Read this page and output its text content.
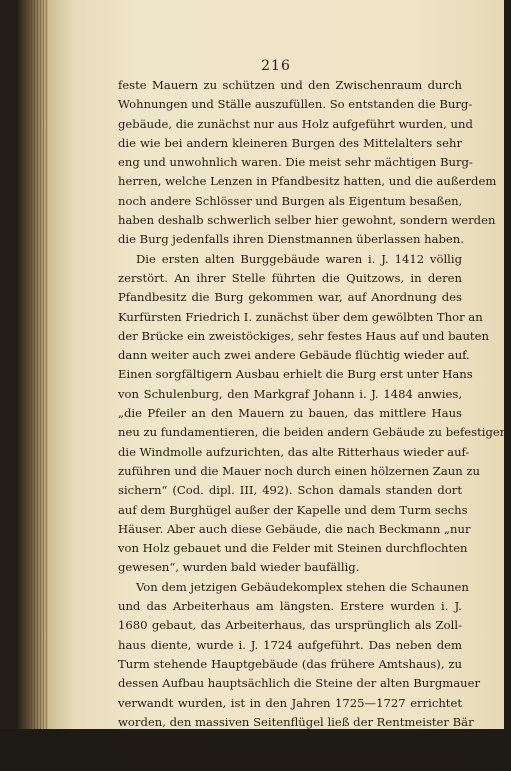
216
feste Mauern zu schützen und den Zwischenraum durch
Wohnungen und Ställe auszufüllen. So entstanden die Burg-
gebäude, die zunächst nur aus Holz aufgeführt wurden, und
die wie bei andern kleineren Burgen des Mittelalters sehr
eng und unwohnlich waren. Die meist sehr mächtigen Burg-
herren, welche Lenzen in Pfandbesitz hatten, und die außerdem
noch andere Schlösser und Burgen als Eigentum besaßen,
haben deshalb schwerlich selber hier gewohnt, sondern werden
die Burg jedenfalls ihren Dienstmannen überlassen haben.
Die ersten alten Burggebäude waren i. J. 1412 völlig
zerstört. An ihrer Stelle führten die Quitzows, in deren
Pfandbesitz die Burg gekommen war, auf Anordnung des
Kurfürsten Friedrich I. zunächst über dem gewölbten Thor an
der Brücke ein zweistöckiges, sehr festes Haus auf und bauten
dann weiter auch zwei andere Gebäude flüchtig wieder auf.
Einen sorgfältigern Ausbau erhielt die Burg erst unter Hans
von Schulenburg, den Markgraf Johann i. J. 1484 anwies,
„die Pfeiler an den Mauern zu bauen, das mittlere Haus
neu zu fundamentieren, die beiden andern Gebäude zu befestigen,
die Windmolle aufzurichten, das alte Ritterhaus wieder auf-
zuführen und die Mauer noch durch einen hölzernen Zaun zu
sichern“ (Cod. dipl. III, 492). Schon damals standen dort
auf dem Burghügel außer der Kapelle und dem Turm sechs
Häuser. Aber auch diese Gebäude, die nach Beckmann „nur
von Holz gebauet und die Felder mit Steinen durchflochten
gewesen“, wurden bald wieder baufällig.
Von dem jetzigen Gebäudekomplex stehen die Schaunen
und das Arbeiterhaus am längsten. Erstere wurden i. J.
1680 gebaut, das Arbeiterhaus, das ursprünglich als Zoll-
haus diente, wurde i. J. 1724 aufgeführt. Das neben dem
Turm stehende Hauptgebäude (das frühere Amtshaus), zu
dessen Aufbau hauptsächlich die Steine der alten Burgmauer
verwandt wurden, ist in den Jahren 1725—1727 errichtet
worden, den massiven Seitenflügel ließ der Rentmeister Bär
i. J. 1792 bauen.
Gleichzeitig mit diesen weitgehenden baulichen Ver-
